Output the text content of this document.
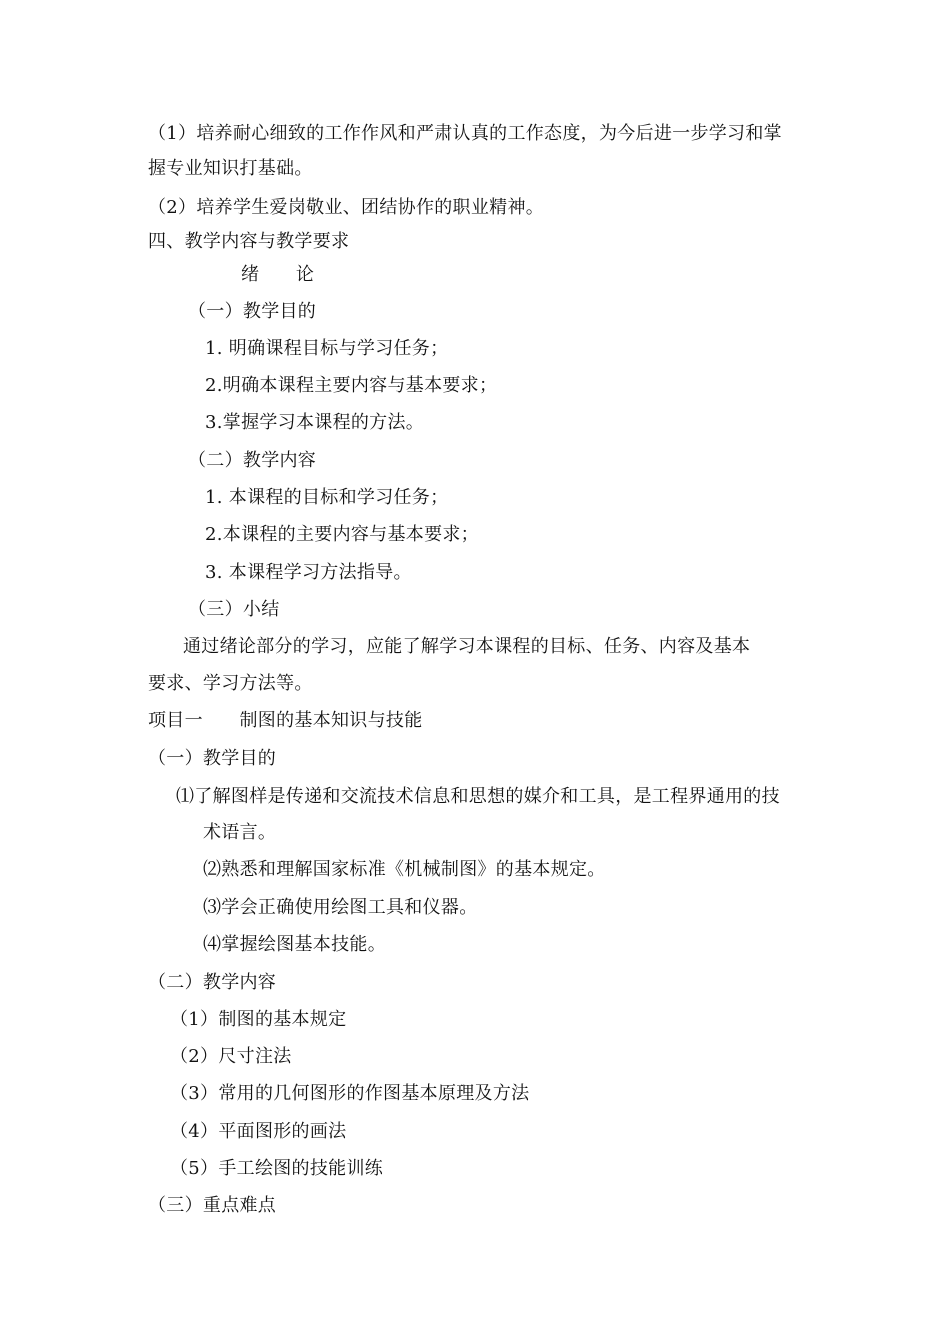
（1）培养耐心细致的工作作风和严肃认真的工作态度，为今后进一步学习和掌
握专业知识打基础。
（2）培养学生爱岗敬业、团结协作的职业精神。
四、教学内容与教学要求
绪　　论
（一）教学目的
1. 明确课程目标与学习任务；
2.明确本课程主要内容与基本要求；
3.掌握学习本课程的方法。
（二）教学内容
1. 本课程的目标和学习任务；
2.本课程的主要内容与基本要求；
3. 本课程学习方法指导。
（三）小结
通过绪论部分的学习，应能了解学习本课程的目标、任务、内容及基本
要求、学习方法等。
项目一　　制图的基本知识与技能
（一）教学目的
⑴了解图样是传递和交流技术信息和思想的媒介和工具，是工程界通用的技
术语言。
⑵熟悉和理解国家标准《机械制图》的基本规定。
⑶学会正确使用绘图工具和仪器。
⑷掌握绘图基本技能。
（二）教学内容
（1）制图的基本规定
（2）尺寸注法
（3）常用的几何图形的作图基本原理及方法
（4）平面图形的画法
（5）手工绘图的技能训练
（三）重点难点
